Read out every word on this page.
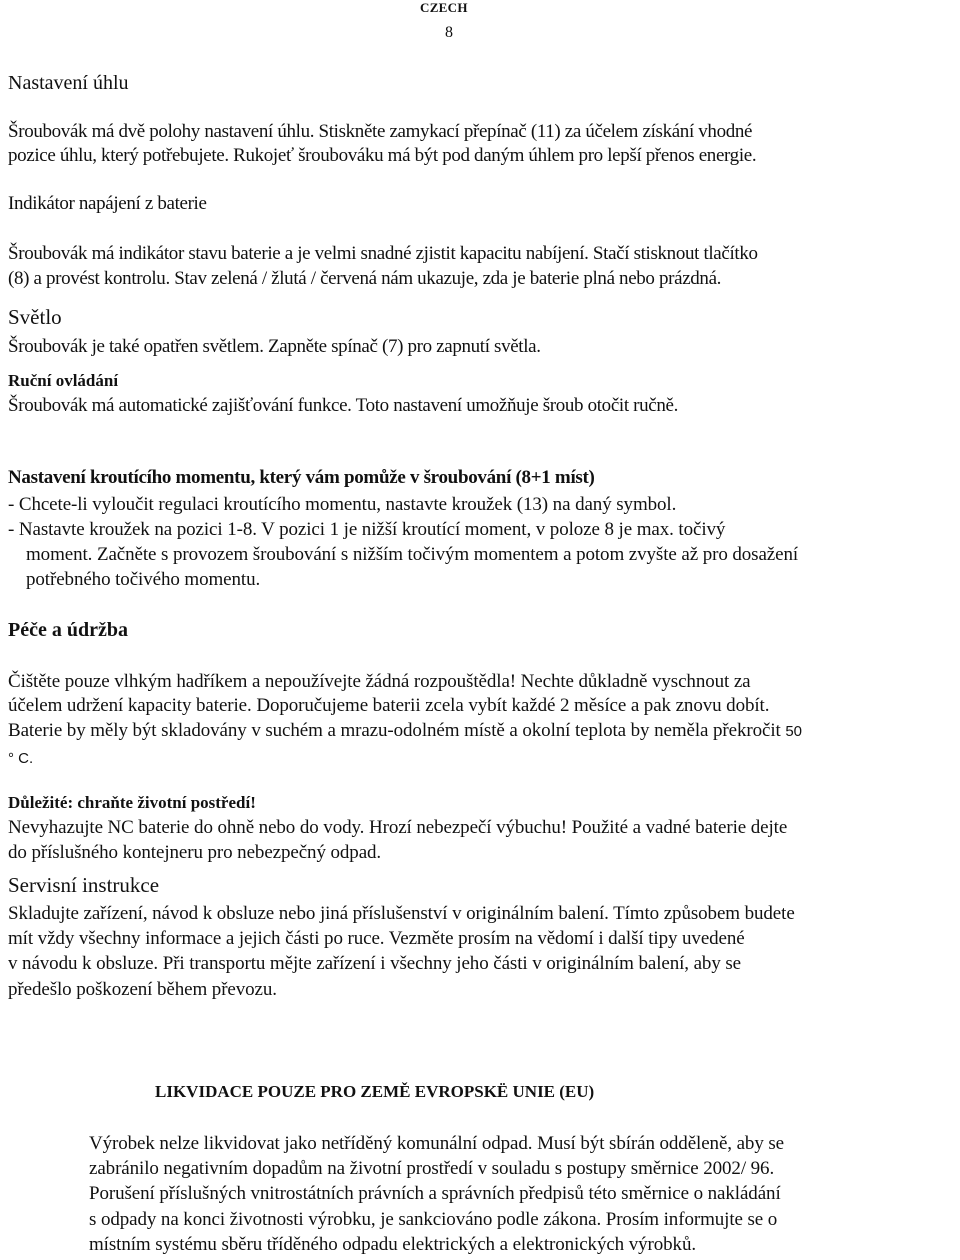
CZECH
8
Nastavení úhlu
Šroubovák má dvě polohy nastavení úhlu. Stiskněte zamykací přepínač (11) za účelem získání vhodné
pozice úhlu, který potřebujete. Rukojeť šroubováku má být pod daným úhlem pro lepší přenos energie.
Indikátor napájení z baterie
Šroubovák má indikátor stavu baterie a je velmi snadné zjistit kapacitu nabíjení. Stačí stisknout tlačítko
(8) a provést kontrolu. Stav zelená / žlutá / červená nám ukazuje, zda je baterie plná nebo prázdná.
Světlo
Šroubovák je také opatřen světlem. Zapněte spínač (7) pro zapnutí světla.
Ruční ovládání
Šroubovák má automatické zajišťování funkce. Toto nastavení umožňuje šroub otočit ručně.
Nastavení kroutícího momentu, který vám pomůže v šroubování (8+1 míst)
- Chcete-li vyloučit regulaci kroutícího momentu, nastavte kroužek (13) na daný symbol.
- Nastavte kroužek na pozici 1-8. V pozici 1 je nižší kroutící moment, v poloze 8 je max. točivý
moment. Začněte s provozem šroubování s nižším točivým momentem a potom zvyšte až pro dosažení
potřebného točivého momentu.
Péče a údržba
Čištěte pouze vlhkým hadříkem a nepoužívejte žádná rozpouštědla! Nechte důkladně vyschnout za
účelem udržení kapacity baterie. Doporučujeme baterii zcela vybít každé 2 měsíce a pak znovu dobít.
Baterie by měly být skladovány v suchém a mrazu-odolném místě a okolní teplota by neměla překročit 50
° C.
Důležité: chraňte životní postředí!
Nevyhazujte NC baterie do ohně nebo do vody. Hrozí nebezpečí výbuchu! Použité a vadné baterie dejte
do příslušného kontejneru pro nebezpečný odpad.
Servisní instrukce
Skladujte zařízení, návod k obsluze nebo jiná příslušenství v originálním balení. Tímto způsobem budete
mít vždy všechny informace a jejich části po ruce. Vezměte prosím na vědomí i další tipy uvedené
v návodu k obsluze. Při transportu mějte zařízení i všechny jeho části v originálním balení, aby se
předešlo poškození během převozu.
LIKVIDACE POUZE PRO ZEMĚ EVROPSKË UNIE (EU)
Výrobek nelze likvidovat jako netříděný komunální odpad. Musí být sbírán odděleně, aby se
zabránilo negativním dopadům na životní prostředí v souladu s postupy směrnice 2002/ 96.
Porušení příslušných vnitrostátních právních a správních předpisů této směrnice o nakládání
s odpady na konci životnosti výrobku, je sankciováno podle zákona. Prosím informujte se o
místním systému sběru tříděného odpadu elektrických a elektronických výrobků.
